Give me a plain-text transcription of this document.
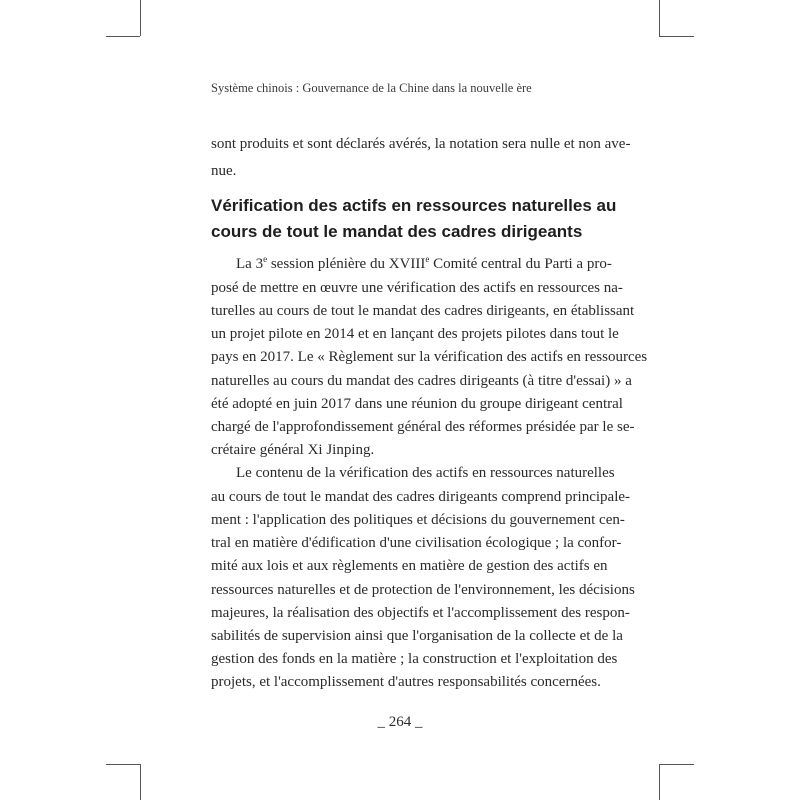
Système chinois : Gouvernance de la Chine dans la nouvelle ère
sont produits et sont déclarés avérés, la notation sera nulle et non ave-
nue.
Vérification des actifs en ressources naturelles au
cours de tout le mandat des cadres dirigeants
La 3e session plénière du XVIIIe Comité central du Parti a pro-
posé de mettre en œuvre une vérification des actifs en ressources na-
turelles au cours de tout le mandat des cadres dirigeants, en établissant
un projet pilote en 2014 et en lançant des projets pilotes dans tout le
pays en 2017. Le « Règlement sur la vérification des actifs en ressources
naturelles au cours du mandat des cadres dirigeants (à titre d'essai) » a
été adopté en juin 2017 dans une réunion du groupe dirigeant central
chargé de l'approfondissement général des réformes présidée par le se-
crétaire général Xi Jinping.
Le contenu de la vérification des actifs en ressources naturelles
au cours de tout le mandat des cadres dirigeants comprend principale-
ment : l'application des politiques et décisions du gouvernement cen-
tral en matière d'édification d'une civilisation écologique ; la confor-
mité aux lois et aux règlements en matière de gestion des actifs en
ressources naturelles et de protection de l'environnement, les décisions
majeures, la réalisation des objectifs et l'accomplissement des respon-
sabilités de supervision ainsi que l'organisation de la collecte et de la
gestion des fonds en la matière ; la construction et l'exploitation des
projets, et l'accomplissement d'autres responsabilités concernées.
_ 264 _
